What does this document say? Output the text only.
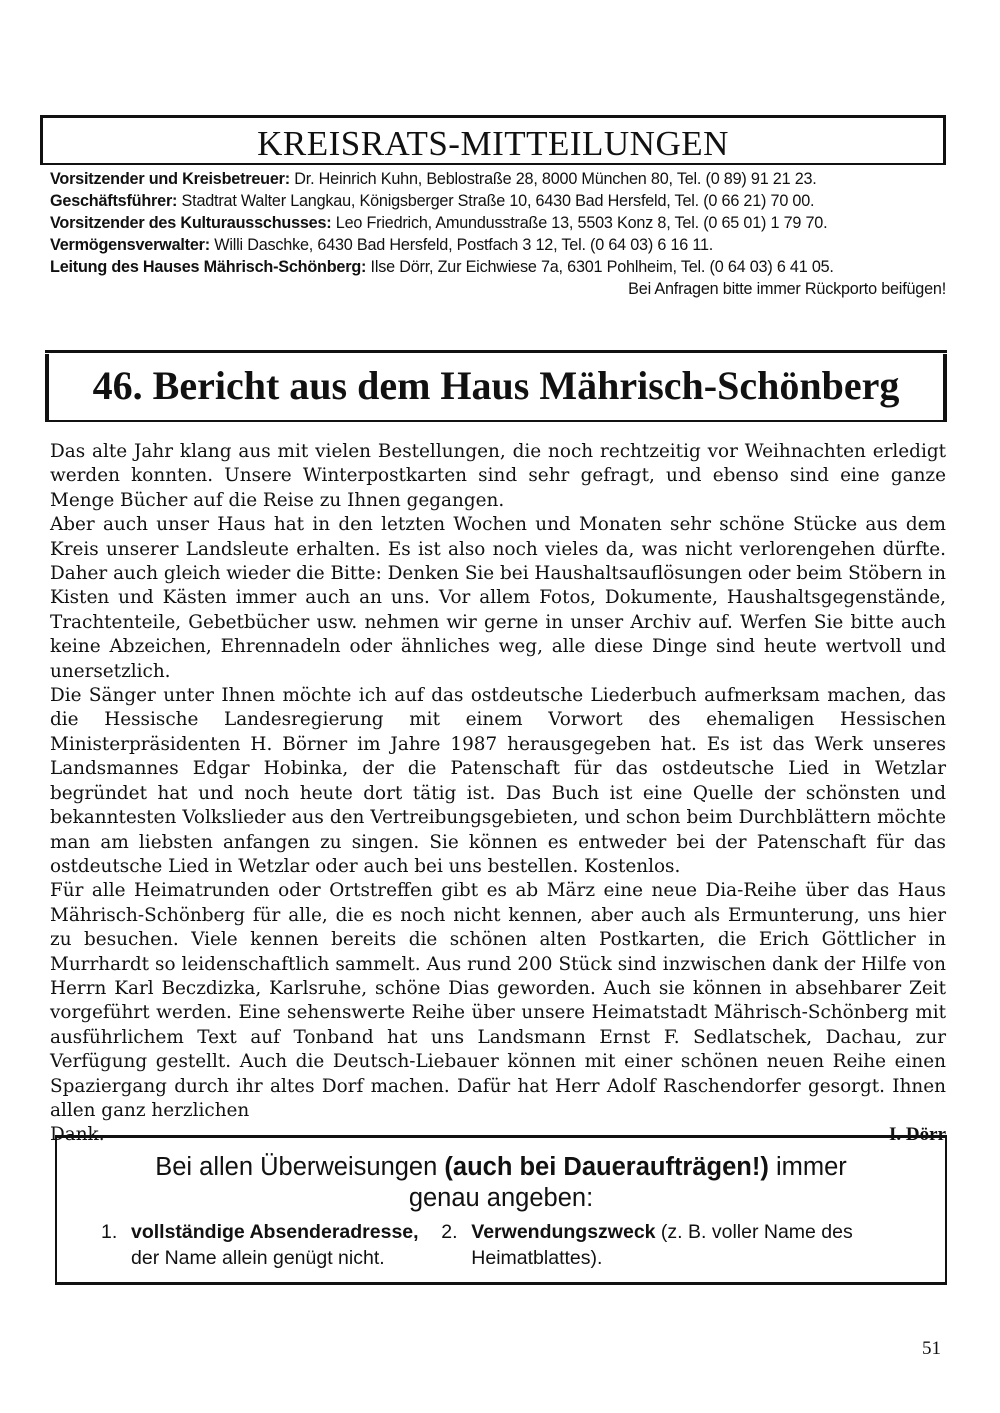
KREISRATS-MITTEILUNGEN
Vorsitzender und Kreisbetreuer: Dr. Heinrich Kuhn, Beblostraße 28, 8000 München 80, Tel. (0 89) 91 21 23.
Geschäftsführer: Stadtrat Walter Langkau, Königsberger Straße 10, 6430 Bad Hersfeld, Tel. (0 66 21) 70 00.
Vorsitzender des Kulturausschusses: Leo Friedrich, Amundusstraße 13, 5503 Konz 8, Tel. (0 65 01) 1 79 70.
Vermögensverwalter: Willi Daschke, 6430 Bad Hersfeld, Postfach 3 12, Tel. (0 64 03) 6 16 11.
Leitung des Hauses Mährisch-Schönberg: Ilse Dörr, Zur Eichwiese 7a, 6301 Pohlheim, Tel. (0 64 03) 6 41 05.
Bei Anfragen bitte immer Rückporto beifügen!
46. Bericht aus dem Haus Mährisch-Schönberg

Das alte Jahr klang aus mit vielen Bestellungen, die noch rechtzeitig vor Weihnachten erledigt werden konnten. Unsere Winterpostkarten sind sehr gefragt, und ebenso sind eine ganze Menge Bücher auf die Reise zu Ihnen gegangen.

Aber auch unser Haus hat in den letzten Wochen und Monaten sehr schöne Stücke aus dem Kreis unserer Landsleute erhalten. Es ist also noch vieles da, was nicht verlorengehen dürfte. Daher auch gleich wieder die Bitte: Denken Sie bei Haushaltsauflösungen oder beim Stöbern in Kisten und Kästen immer auch an uns. Vor allem Fotos, Dokumente, Haushaltsgegenstände, Trachtenteile, Gebetbücher usw. nehmen wir gerne in unser Archiv auf. Werfen Sie bitte auch keine Abzeichen, Ehrennadeln oder ähnliches weg, alle diese Dinge sind heute wertvoll und unersetzlich.

Die Sänger unter Ihnen möchte ich auf das ostdeutsche Liederbuch aufmerksam machen, das die Hessische Landesregierung mit einem Vorwort des ehemaligen Hessischen Ministerpräsidenten H. Börner im Jahre 1987 herausgegeben hat. Es ist das Werk unseres Landsmannes Edgar Hobinka, der die Patenschaft für das ostdeutsche Lied in Wetzlar begründet hat und noch heute dort tätig ist. Das Buch ist eine Quelle der schönsten und bekanntesten Volkslieder aus den Vertreibungsgebieten, und schon beim Durchblättern möchte man am liebsten anfangen zu singen. Sie können es entweder bei der Patenschaft für das ostdeutsche Lied in Wetzlar oder auch bei uns bestellen. Kostenlos.

Für alle Heimatrunden oder Ortstreffen gibt es ab März eine neue Dia-Reihe über das Haus Mährisch-Schönberg für alle, die es noch nicht kennen, aber auch als Ermunterung, uns hier zu besuchen. Viele kennen bereits die schönen alten Postkarten, die Erich Göttlicher in Murrhardt so leidenschaftlich sammelt. Aus rund 200 Stück sind inzwischen dank der Hilfe von Herrn Karl Beczdizka, Karlsruhe, schöne Dias geworden. Auch sie können in absehbarer Zeit vorgeführt werden. Eine sehenswerte Reihe über unsere Heimatstadt Mährisch-Schönberg mit ausführlichem Text auf Tonband hat uns Landsmann Ernst F. Sedlatschek, Dachau, zur Verfügung gestellt. Auch die Deutsch-Liebauer können mit einer schönen neuen Reihe einen Spaziergang durch ihr altes Dorf machen. Dafür hat Herr Adolf Raschendorfer gesorgt. Ihnen allen ganz herzlichen

Dank.	I. Dörr
Bei allen Überweisungen (auch bei Daueraufträgen!) immer
genau angeben:
1. vollständige Absenderadresse,
der Name allein genügt nicht.
2. Verwendungszweck (z. B. voller Name des Heimatblattes).
51
